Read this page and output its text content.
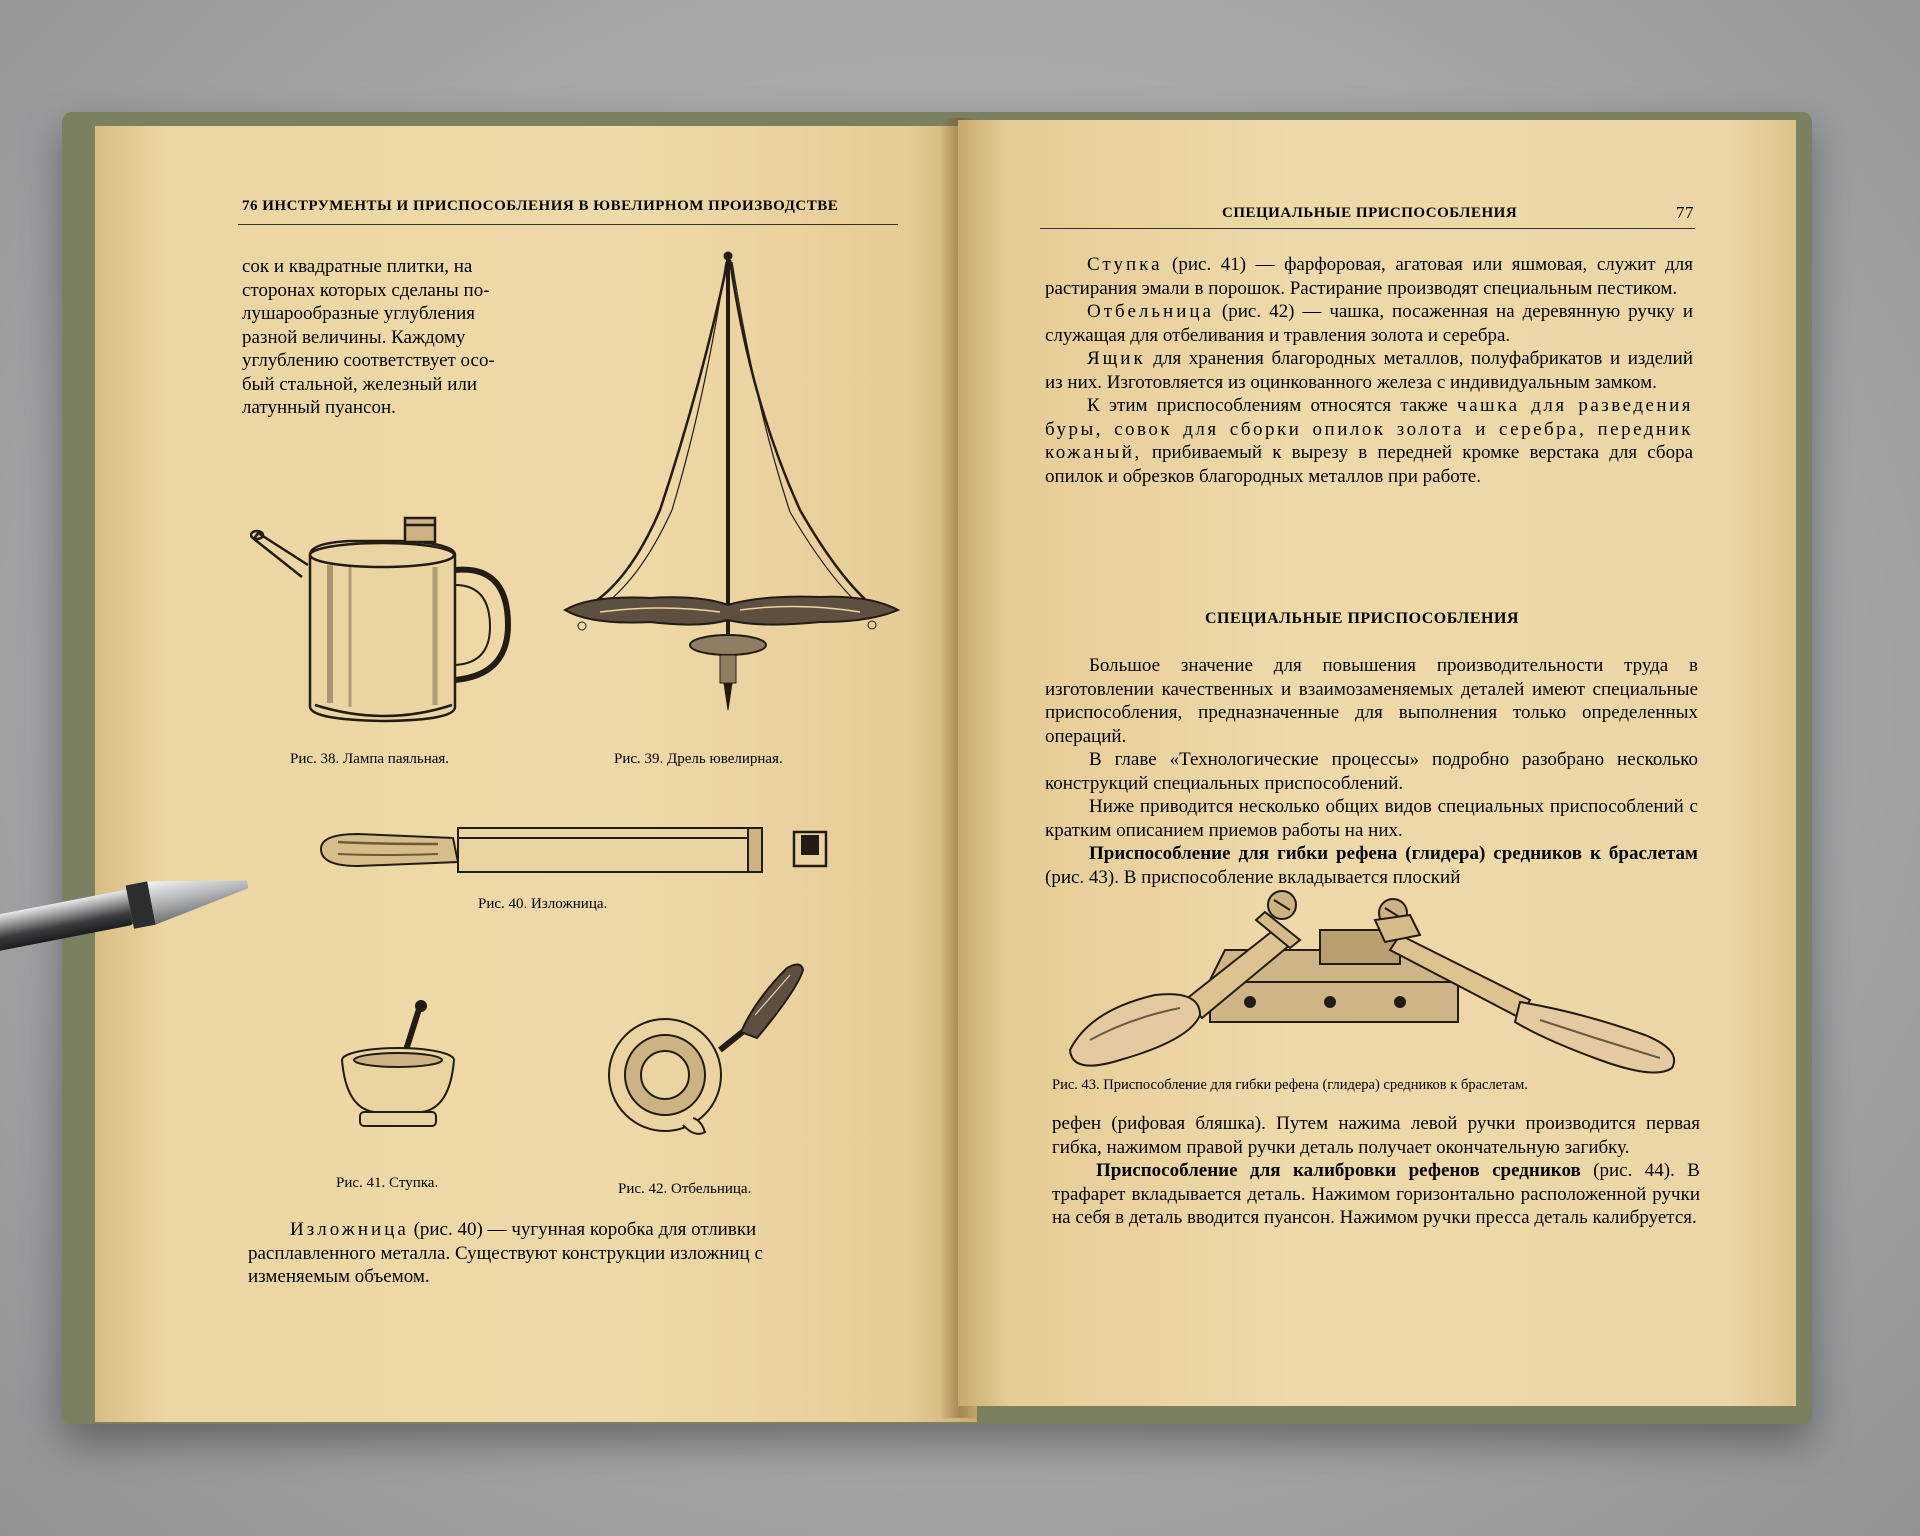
76 ИНСТРУМЕНТЫ И ПРИСПОСОБЛЕНИЯ В ЮВЕЛИРНОМ ПРОИЗВОДСТВЕ
сок и квадратные плитки, на
сторонах которых сделаны по-
лушарообразные углубления
разной величины. Каждому
углублению соответствует осо-
бый стальной, железный или
латунный пуансон.
Рис. 38. Лампа паяльная.	Рис. 39. Дрель ювелирная.
Рис. 40. Изложница.
Рис. 41. Ступка.	Рис. 42. Отбельница.
Изложница (рис. 40) — чугунная коробка для отливки
расплавленного металла. Существуют конструкции изложниц с
изменяемым объемом.
СПЕЦИАЛЬНЫЕ ПРИСПОСОБЛЕНИЯ	77

Ступка (рис. 41) — фарфоровая, агатовая или яшмовая, служит для растирания эмали в порошок. Растирание производят специальным пестиком.

Отбельница (рис. 42) — чашка, посаженная на деревянную ручку и служащая для отбеливания и травления золота и серебра.

Ящик для хранения благородных металлов, полуфабрикатов и изделий из них. Изготовляется из оцинкованного железа с индивидуальным замком.

К этим приспособлениям относятся также чашка для разведения буры, совок для сборки опилок золота и серебра, передник кожаный, прибиваемый к вырезу в передней кромке верстака для сбора опилок и обрезков благородных металлов при работе.

СПЕЦИАЛЬНЫЕ ПРИСПОСОБЛЕНИЯ

Большое значение для повышения производительности труда в изготовлении качественных и взаимозаменяемых деталей имеют специальные приспособления, предназначенные для выполнения только определенных операций.

В главе «Технологические процессы» подробно разобрано несколько конструкций специальных приспособлений.

Ниже приводится несколько общих видов специальных приспособлений с кратким описанием приемов работы на них.

Приспособление для гибки рефена (глидера) средников к браслетам (рис. 43). В приспособление вкладывается плоский

Рис. 43. Приспособление для гибки рефена (глидера) средников к браслетам.

рефен (рифовая бляшка). Путем нажима левой ручки производится первая гибка, нажимом правой ручки деталь получает окончательную загибку.

Приспособление для калибровки рефенов средников (рис. 44). В трафарет вкладывается деталь. Нажимом горизонтально расположенной ручки на себя в деталь вводится пуансон. Нажимом ручки пресса деталь калибруется.
